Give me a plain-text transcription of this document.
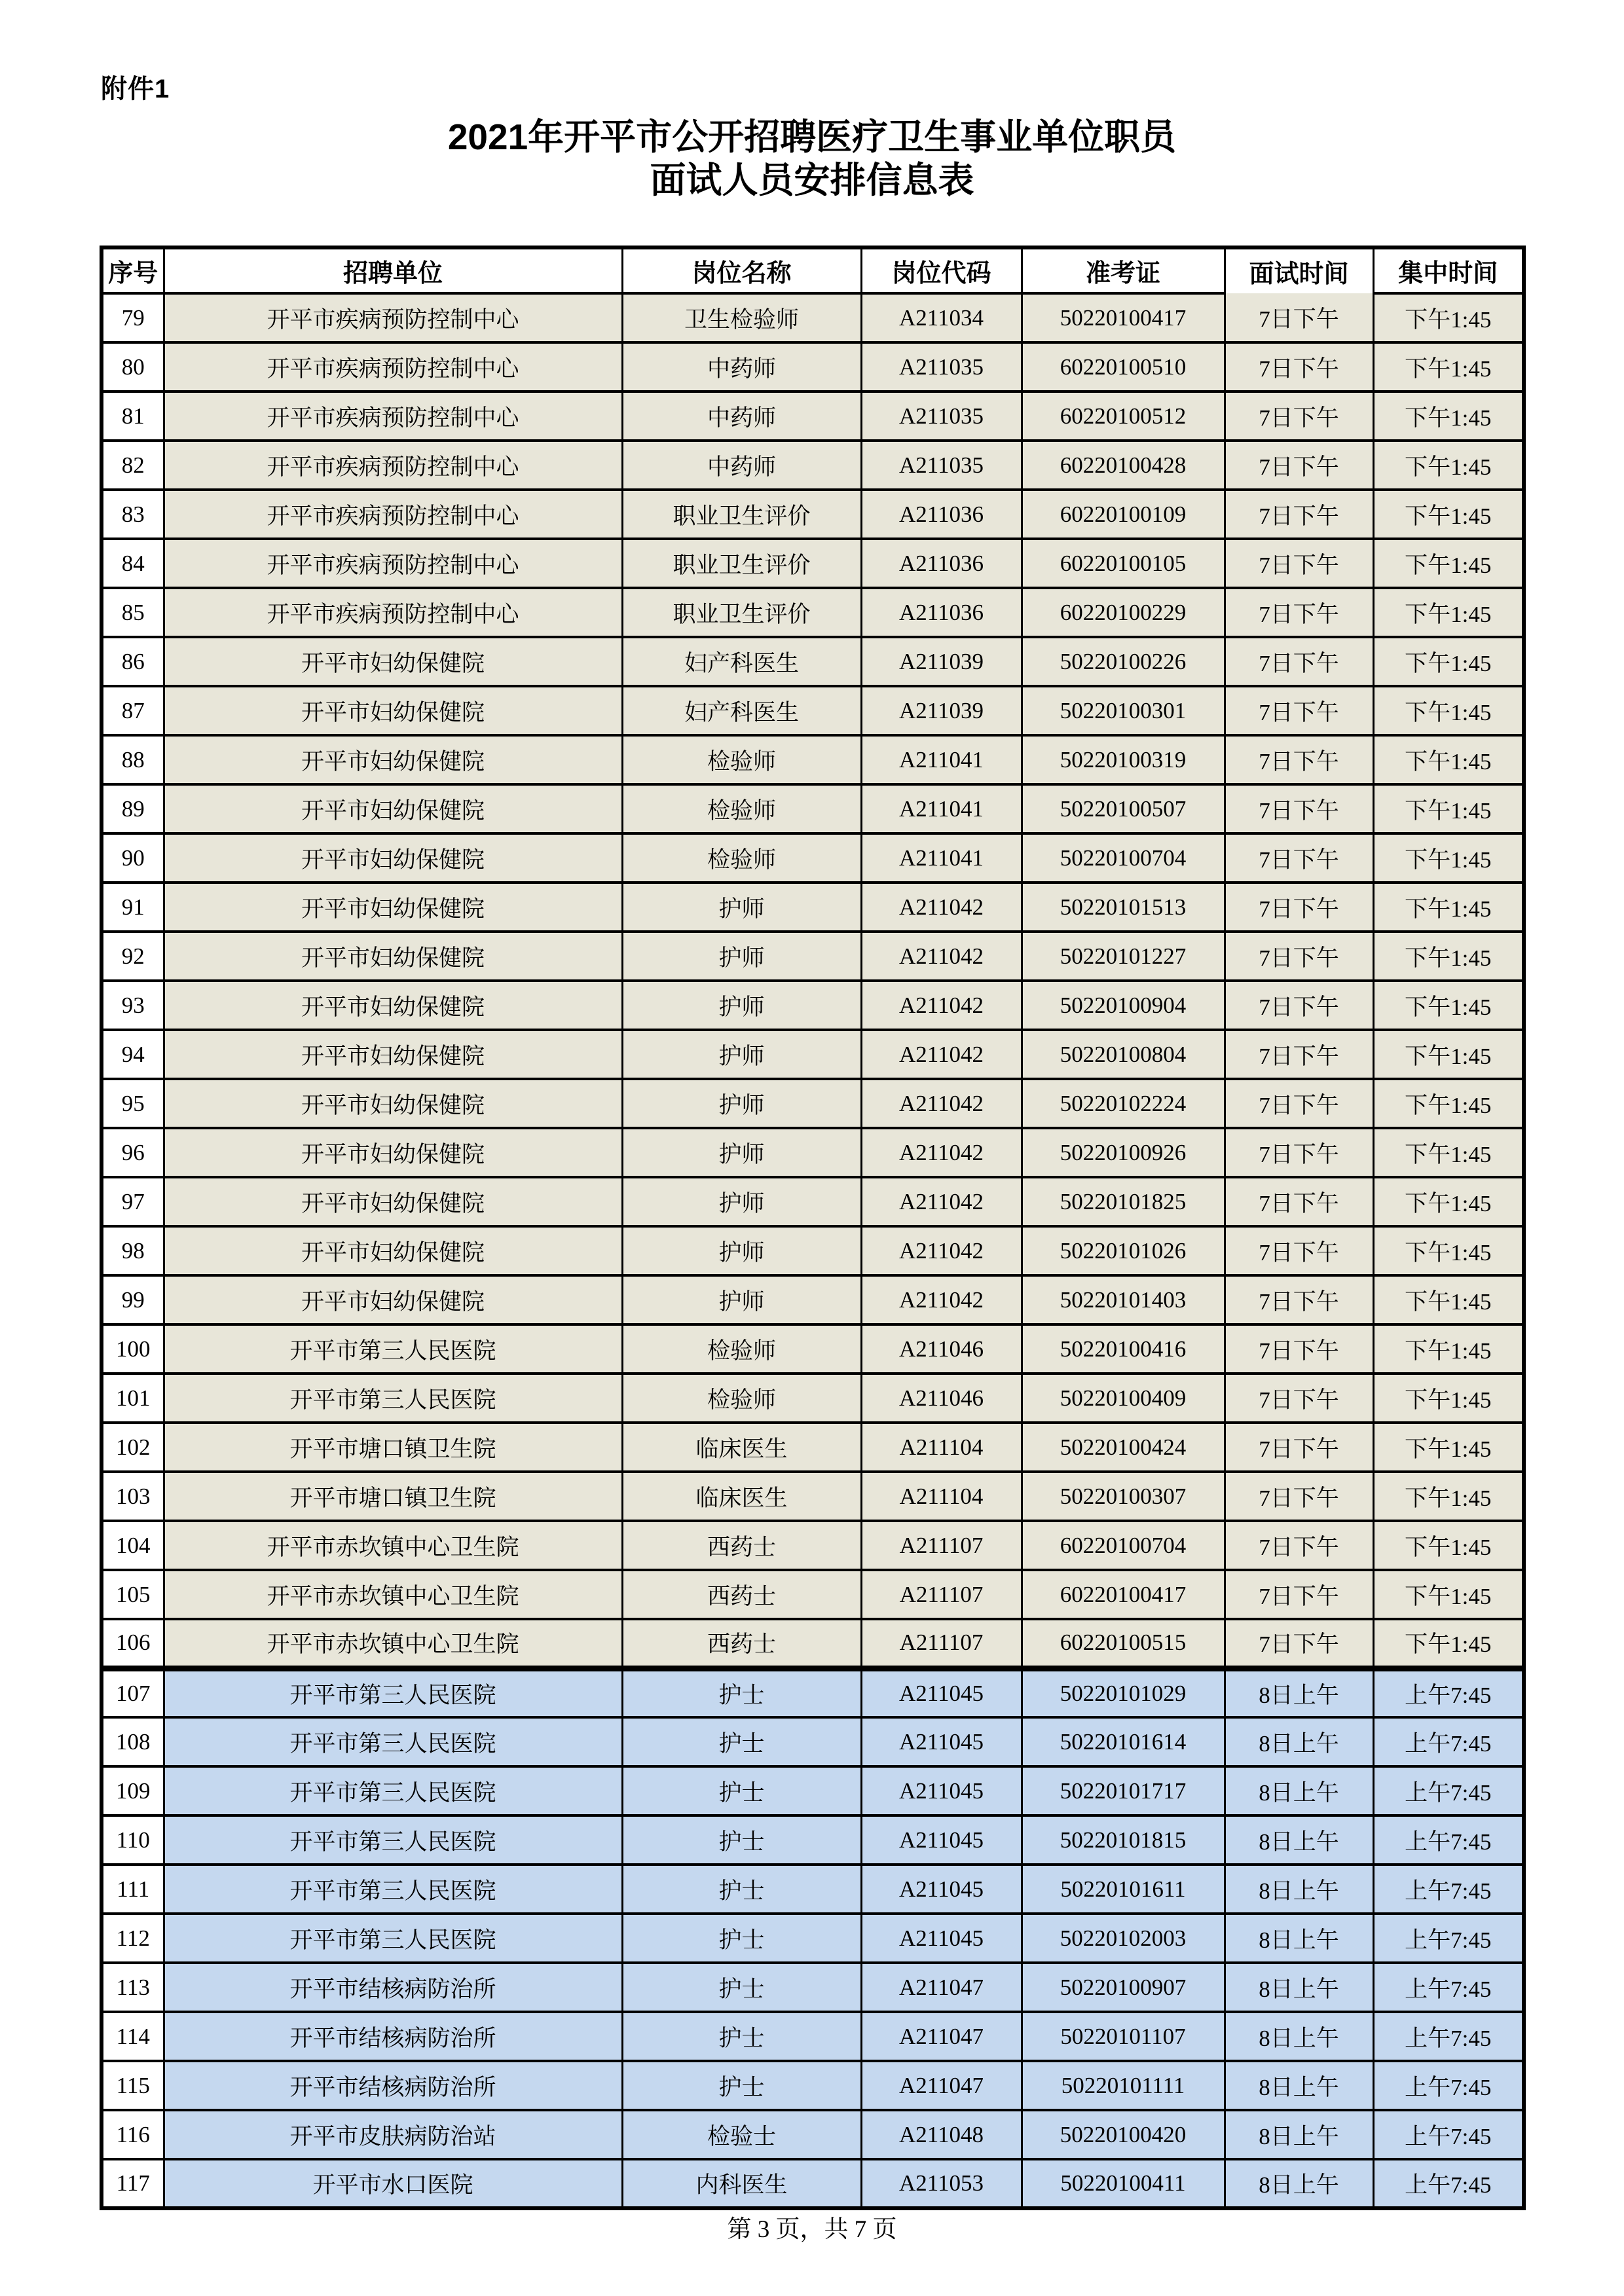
附件1
2021年开平市公开招聘医疗卫生事业单位职员
面试人员安排信息表
序号	招聘单位	岗位名称	岗位代码	准考证	面试时间	集中时间
79	开平市疾病预防控制中心	卫生检验师	A211034	50220100417	7日下午	下午1:45
80	开平市疾病预防控制中心	中药师	A211035	60220100510	7日下午	下午1:45
81	开平市疾病预防控制中心	中药师	A211035	60220100512	7日下午	下午1:45
82	开平市疾病预防控制中心	中药师	A211035	60220100428	7日下午	下午1:45
83	开平市疾病预防控制中心	职业卫生评价	A211036	60220100109	7日下午	下午1:45
84	开平市疾病预防控制中心	职业卫生评价	A211036	60220100105	7日下午	下午1:45
85	开平市疾病预防控制中心	职业卫生评价	A211036	60220100229	7日下午	下午1:45
86	开平市妇幼保健院	妇产科医生	A211039	50220100226	7日下午	下午1:45
87	开平市妇幼保健院	妇产科医生	A211039	50220100301	7日下午	下午1:45
88	开平市妇幼保健院	检验师	A211041	50220100319	7日下午	下午1:45
89	开平市妇幼保健院	检验师	A211041	50220100507	7日下午	下午1:45
90	开平市妇幼保健院	检验师	A211041	50220100704	7日下午	下午1:45
91	开平市妇幼保健院	护师	A211042	50220101513	7日下午	下午1:45
92	开平市妇幼保健院	护师	A211042	50220101227	7日下午	下午1:45
93	开平市妇幼保健院	护师	A211042	50220100904	7日下午	下午1:45
94	开平市妇幼保健院	护师	A211042	50220100804	7日下午	下午1:45
95	开平市妇幼保健院	护师	A211042	50220102224	7日下午	下午1:45
96	开平市妇幼保健院	护师	A211042	50220100926	7日下午	下午1:45
97	开平市妇幼保健院	护师	A211042	50220101825	7日下午	下午1:45
98	开平市妇幼保健院	护师	A211042	50220101026	7日下午	下午1:45
99	开平市妇幼保健院	护师	A211042	50220101403	7日下午	下午1:45
100	开平市第三人民医院	检验师	A211046	50220100416	7日下午	下午1:45
101	开平市第三人民医院	检验师	A211046	50220100409	7日下午	下午1:45
102	开平市塘口镇卫生院	临床医生	A211104	50220100424	7日下午	下午1:45
103	开平市塘口镇卫生院	临床医生	A211104	50220100307	7日下午	下午1:45
104	开平市赤坎镇中心卫生院	西药士	A211107	60220100704	7日下午	下午1:45
105	开平市赤坎镇中心卫生院	西药士	A211107	60220100417	7日下午	下午1:45
106	开平市赤坎镇中心卫生院	西药士	A211107	60220100515	7日下午	下午1:45
107	开平市第三人民医院	护士	A211045	50220101029	8日上午	上午7:45
108	开平市第三人民医院	护士	A211045	50220101614	8日上午	上午7:45
109	开平市第三人民医院	护士	A211045	50220101717	8日上午	上午7:45
110	开平市第三人民医院	护士	A211045	50220101815	8日上午	上午7:45
111	开平市第三人民医院	护士	A211045	50220101611	8日上午	上午7:45
112	开平市第三人民医院	护士	A211045	50220102003	8日上午	上午7:45
113	开平市结核病防治所	护士	A211047	50220100907	8日上午	上午7:45
114	开平市结核病防治所	护士	A211047	50220101107	8日上午	上午7:45
115	开平市结核病防治所	护士	A211047	50220101111	8日上午	上午7:45
116	开平市皮肤病防治站	检验士	A211048	50220100420	8日上午	上午7:45
117	开平市水口医院	内科医生	A211053	50220100411	8日上午	上午7:45
第 3 页，共 7 页
